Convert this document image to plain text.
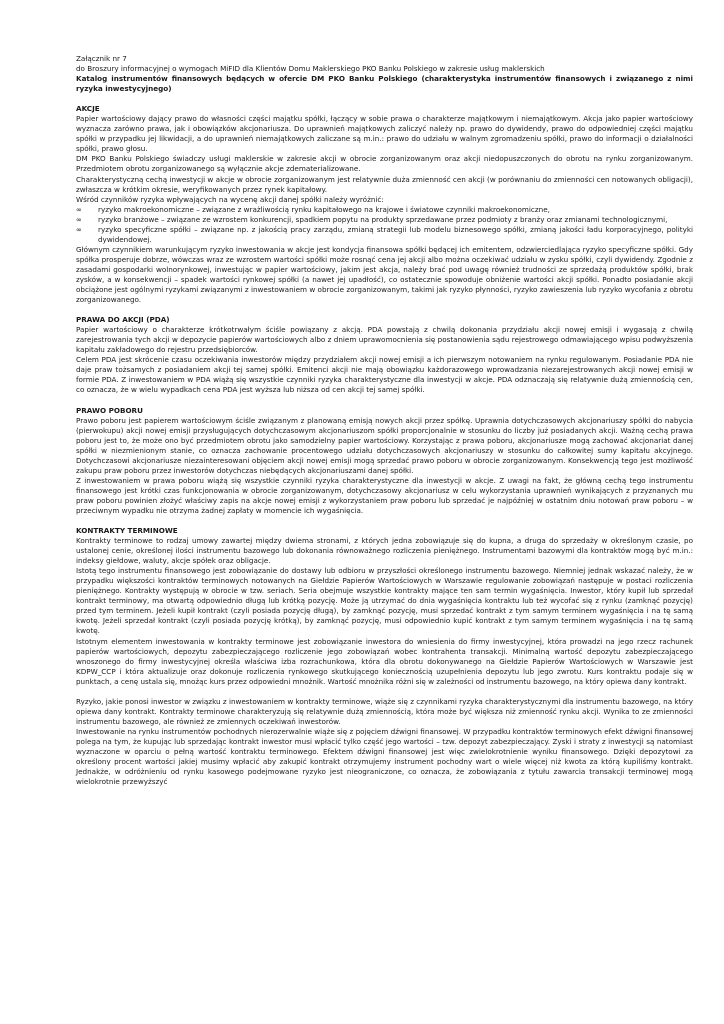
Załącznik nr 7

do Broszury informacyjnej o wymogach MiFID dla Klientów Domu Maklerskiego PKO Banku Polskiego w zakresie usług maklerskich

Katalog instrumentów finansowych będących w ofercie DM PKO Banku Polskiego (charakterystyka instrumentów finansowych i związanego z nimi ryzyka inwestycyjnego)

AKCJE

Papier wartościowy dający prawo do własności części majątku spółki, łączący w sobie prawa o charakterze majątkowym i niemajątkowym. Akcja jako papier wartościowy wyznacza zarówno prawa, jak i obowiązków akcjonariusza. Do uprawnień majątkowych zaliczyć należy np. prawo do dywidendy, prawo do odpowiedniej części majątku spółki w przypadku jej likwidacji, a do uprawnień niemajątkowych zaliczane są m.in.: prawo do udziału w walnym zgromadzeniu spółki, prawo do informacji o działalności spółki, prawo głosu.

DM PKO Banku Polskiego świadczy usługi maklerskie w zakresie akcji w obrocie zorganizowanym oraz akcji niedopuszczonych do obrotu na rynku zorganizowanym. Przedmiotem obrotu zorganizowanego są wyłącznie akcje zdematerializowane.

Charakterystyczną cechą inwestycji w akcje w obrocie zorganizowanym jest relatywnie duża zmienność cen akcji (w porównaniu do zmienności cen notowanych obligacji), zwłaszcza w krótkim okresie, weryfikowanych przez rynek kapitałowy.

Wśród czynników ryzyka wpływających na wycenę akcji danej spółki należy wyróżnić:

∞ ryzyko makroekonomiczne – związane z wrażliwością rynku kapitałowego na krajowe i światowe czynniki makroekonomiczne,
∞ ryzyko branżowe – związane ze wzrostem konkurencji, spadkiem popytu na produkty sprzedawane przez podmioty z branży oraz zmianami technologicznymi,
∞ ryzyko specyficzne spółki – związane np. z jakością pracy zarządu, zmianą strategii lub modelu biznesowego spółki, zmianą jakości ładu korporacyjnego, polityki dywidendowej.

Głównym czynnikiem warunkującym ryzyko inwestowania w akcje jest kondycja finansowa spółki będącej ich emitentem, odzwierciedlająca ryzyko specyficzne spółki. Gdy spółka prosperuje dobrze, wówczas wraz ze wzrostem wartości spółki może rosnąć cena jej akcji albo można oczekiwać udziału w zysku spółki, czyli dywidendy. Zgodnie z zasadami gospodarki wolnorynkowej, inwestując w papier wartościowy, jakim jest akcja, należy brać pod uwagę również trudności ze sprzedażą produktów spółki, brak zysków, a w konsekwencji – spadek wartości rynkowej spółki (a nawet jej upadłość), co ostatecznie spowoduje obniżenie wartości akcji spółki. Ponadto posiadanie akcji obciążone jest ogólnymi ryzykami związanymi z inwestowaniem w obrocie zorganizowanym, takimi jak ryzyko płynności, ryzyko zawieszenia lub ryzyko wycofania z obrotu zorganizowanego.

PRAWA DO AKCJI (PDA)

Papier wartościowy o charakterze krótkotrwałym ściśle powiązany z akcją. PDA powstają z chwilą dokonania przydziału akcji nowej emisji i wygasają z chwilą zarejestrowania tych akcji w depozycie papierów wartościowych albo z dniem uprawomocnienia się postanowienia sądu rejestrowego odmawiającego wpisu podwyższenia kapitału zakładowego do rejestru przedsiębiorców.

Celem PDA jest skrócenie czasu oczekiwania inwestorów między przydziałem akcji nowej emisji a ich pierwszym notowaniem na rynku regulowanym. Posiadanie PDA nie daje praw tożsamych z posiadaniem akcji tej samej spółki. Emitenci akcji nie mają obowiązku każdorazowego wprowadzania niezarejestrowanych akcji nowej emisji w formie PDA. Z inwestowaniem w PDA wiążą się wszystkie czynniki ryzyka charakterystyczne dla inwestycji w akcje. PDA odznaczają się relatywnie dużą zmiennością cen, co oznacza, że w wielu wypadkach cena PDA jest wyższa lub niższa od cen akcji tej samej spółki.

PRAWO POBORU

Prawo poboru jest papierem wartościowym ściśle związanym z planowaną emisją nowych akcji przez spółkę. Uprawnia dotychczasowych akcjonariuszy spółki do nabycia (pierwokupu) akcji nowej emisji przysługujących dotychczasowym akcjonariuszom spółki proporcjonalnie w stosunku do liczby już posiadanych akcji. Ważną cechą prawa poboru jest to, że może ono być przedmiotem obrotu jako samodzielny papier wartościowy. Korzystając z prawa poboru, akcjonariusze mogą zachować akcjonariat danej spółki w niezmienionym stanie, co oznacza zachowanie procentowego udziału dotychczasowych akcjonariuszy w stosunku do całkowitej sumy kapitału akcyjnego. Dotychczasowi akcjonariusze niezainteresowani objęciem akcji nowej emisji mogą sprzedać prawo poboru w obrocie zorganizowanym. Konsekwencją tego jest możliwość zakupu praw poboru przez inwestorów dotychczas niebędących akcjonariuszami danej spółki.

Z inwestowaniem w prawa poboru wiążą się wszystkie czynniki ryzyka charakterystyczne dla inwestycji w akcje. Z uwagi na fakt, że główną cechą tego instrumentu finansowego jest krótki czas funkcjonowania w obrocie zorganizowanym, dotychczasowy akcjonariusz w celu wykorzystania uprawnień wynikających z przyznanych mu praw poboru powinien złożyć właściwy zapis na akcje nowej emisji z wykorzystaniem praw poboru lub sprzedać je najpóźniej w ostatnim dniu notowań praw poboru – w przeciwnym wypadku nie otrzyma żadnej zapłaty w momencie ich wygaśnięcia.

KONTRAKTY TERMINOWE

Kontrakty terminowe to rodzaj umowy zawartej między dwiema stronami, z których jedna zobowiązuje się do kupna, a druga do sprzedaży w określonym czasie, po ustalonej cenie, określonej ilości instrumentu bazowego lub dokonania równoważnego rozliczenia pieniężnego. Instrumentami bazowymi dla kontraktów mogą być m.in.: indeksy giełdowe, waluty, akcje spółek oraz obligacje.

Istotą tego instrumentu finansowego jest zobowiązanie do dostawy lub odbioru w przyszłości określonego instrumentu bazowego. Niemniej jednak wskazać należy, że w przypadku większości kontraktów terminowych notowanych na Giełdzie Papierów Wartościowych w Warszawie regulowanie zobowiązań następuje w postaci rozliczenia pieniężnego. Kontrakty występują w obrocie w tzw. seriach. Seria obejmuje wszystkie kontrakty mające ten sam termin wygaśnięcia. Inwestor, który kupił lub sprzedał kontrakt terminowy, ma otwartą odpowiednio długą lub krótką pozycję. Może ją utrzymać do dnia wygaśnięcia kontraktu lub też wycofać się z rynku (zamknąć pozycję) przed tym terminem. Jeżeli kupił kontrakt (czyli posiada pozycję długą), by zamknąć pozycję, musi sprzedać kontrakt z tym samym terminem wygaśnięcia i na tę samą kwotę. Jeżeli sprzedał kontrakt (czyli posiada pozycję krótką), by zamknąć pozycję, musi odpowiednio kupić kontrakt z tym samym terminem wygaśnięcia i na tę samą kwotę.

Istotnym elementem inwestowania w kontrakty terminowe jest zobowiązanie inwestora do wniesienia do firmy inwestycyjnej, która prowadzi na jego rzecz rachunek papierów wartościowych, depozytu zabezpieczającego rozliczenie jego zobowiązań wobec kontrahenta transakcji. Minimalną wartość depozytu zabezpieczającego wnoszonego do firmy inwestycyjnej określa właściwa izba rozrachunkowa, która dla obrotu dokonywanego na Giełdzie Papierów Wartościowych w Warszawie jest KDPW_CCP i która aktualizuje oraz dokonuje rozliczenia rynkowego skutkującego koniecznością uzupełnienia depozytu lub jego zwrotu. Kurs kontraktu podaje się w punktach, a cenę ustala się, mnożąc kurs przez odpowiedni mnożnik. Wartość mnożnika różni się w zależności od instrumentu bazowego, na który opiewa dany kontrakt.

Ryzyko, jakie ponosi inwestor w związku z inwestowaniem w kontrakty terminowe, wiąże się z czynnikami ryzyka charakterystycznymi dla instrumentu bazowego, na który opiewa dany kontrakt. Kontrakty terminowe charakteryzują się relatywnie dużą zmiennością, która może być większa niż zmienność rynku akcji. Wynika to ze zmienności instrumentu bazowego, ale również ze zmiennych oczekiwań inwestorów.

Inwestowanie na rynku instrumentów pochodnych nierozerwalnie wiąże się z pojęciem dźwigni finansowej. W przypadku kontraktów terminowych efekt dźwigni finansowej polega na tym, że kupując lub sprzedając kontrakt inwestor musi wpłacić tylko część jego wartości – tzw. depozyt zabezpieczający. Zyski i straty z inwestycji są natomiast wyznaczone w oparciu o pełną wartość kontraktu terminowego. Efektem dźwigni finansowej jest więc zwielokrotnienie wyniku finansowego. Dzięki depozytowi za określony procent wartości jakiej musimy wpłacić aby zakupić kontrakt otrzymujemy instrument pochodny wart o wiele więcej niż kwota za którą kupiliśmy kontrakt. Jednakże, w odróżnieniu od rynku kasowego podejmowane ryzyko jest nieograniczone, co oznacza, że zobowiązania z tytułu zawarcia transakcji terminowej mogą wielokrotnie przewyższyć
